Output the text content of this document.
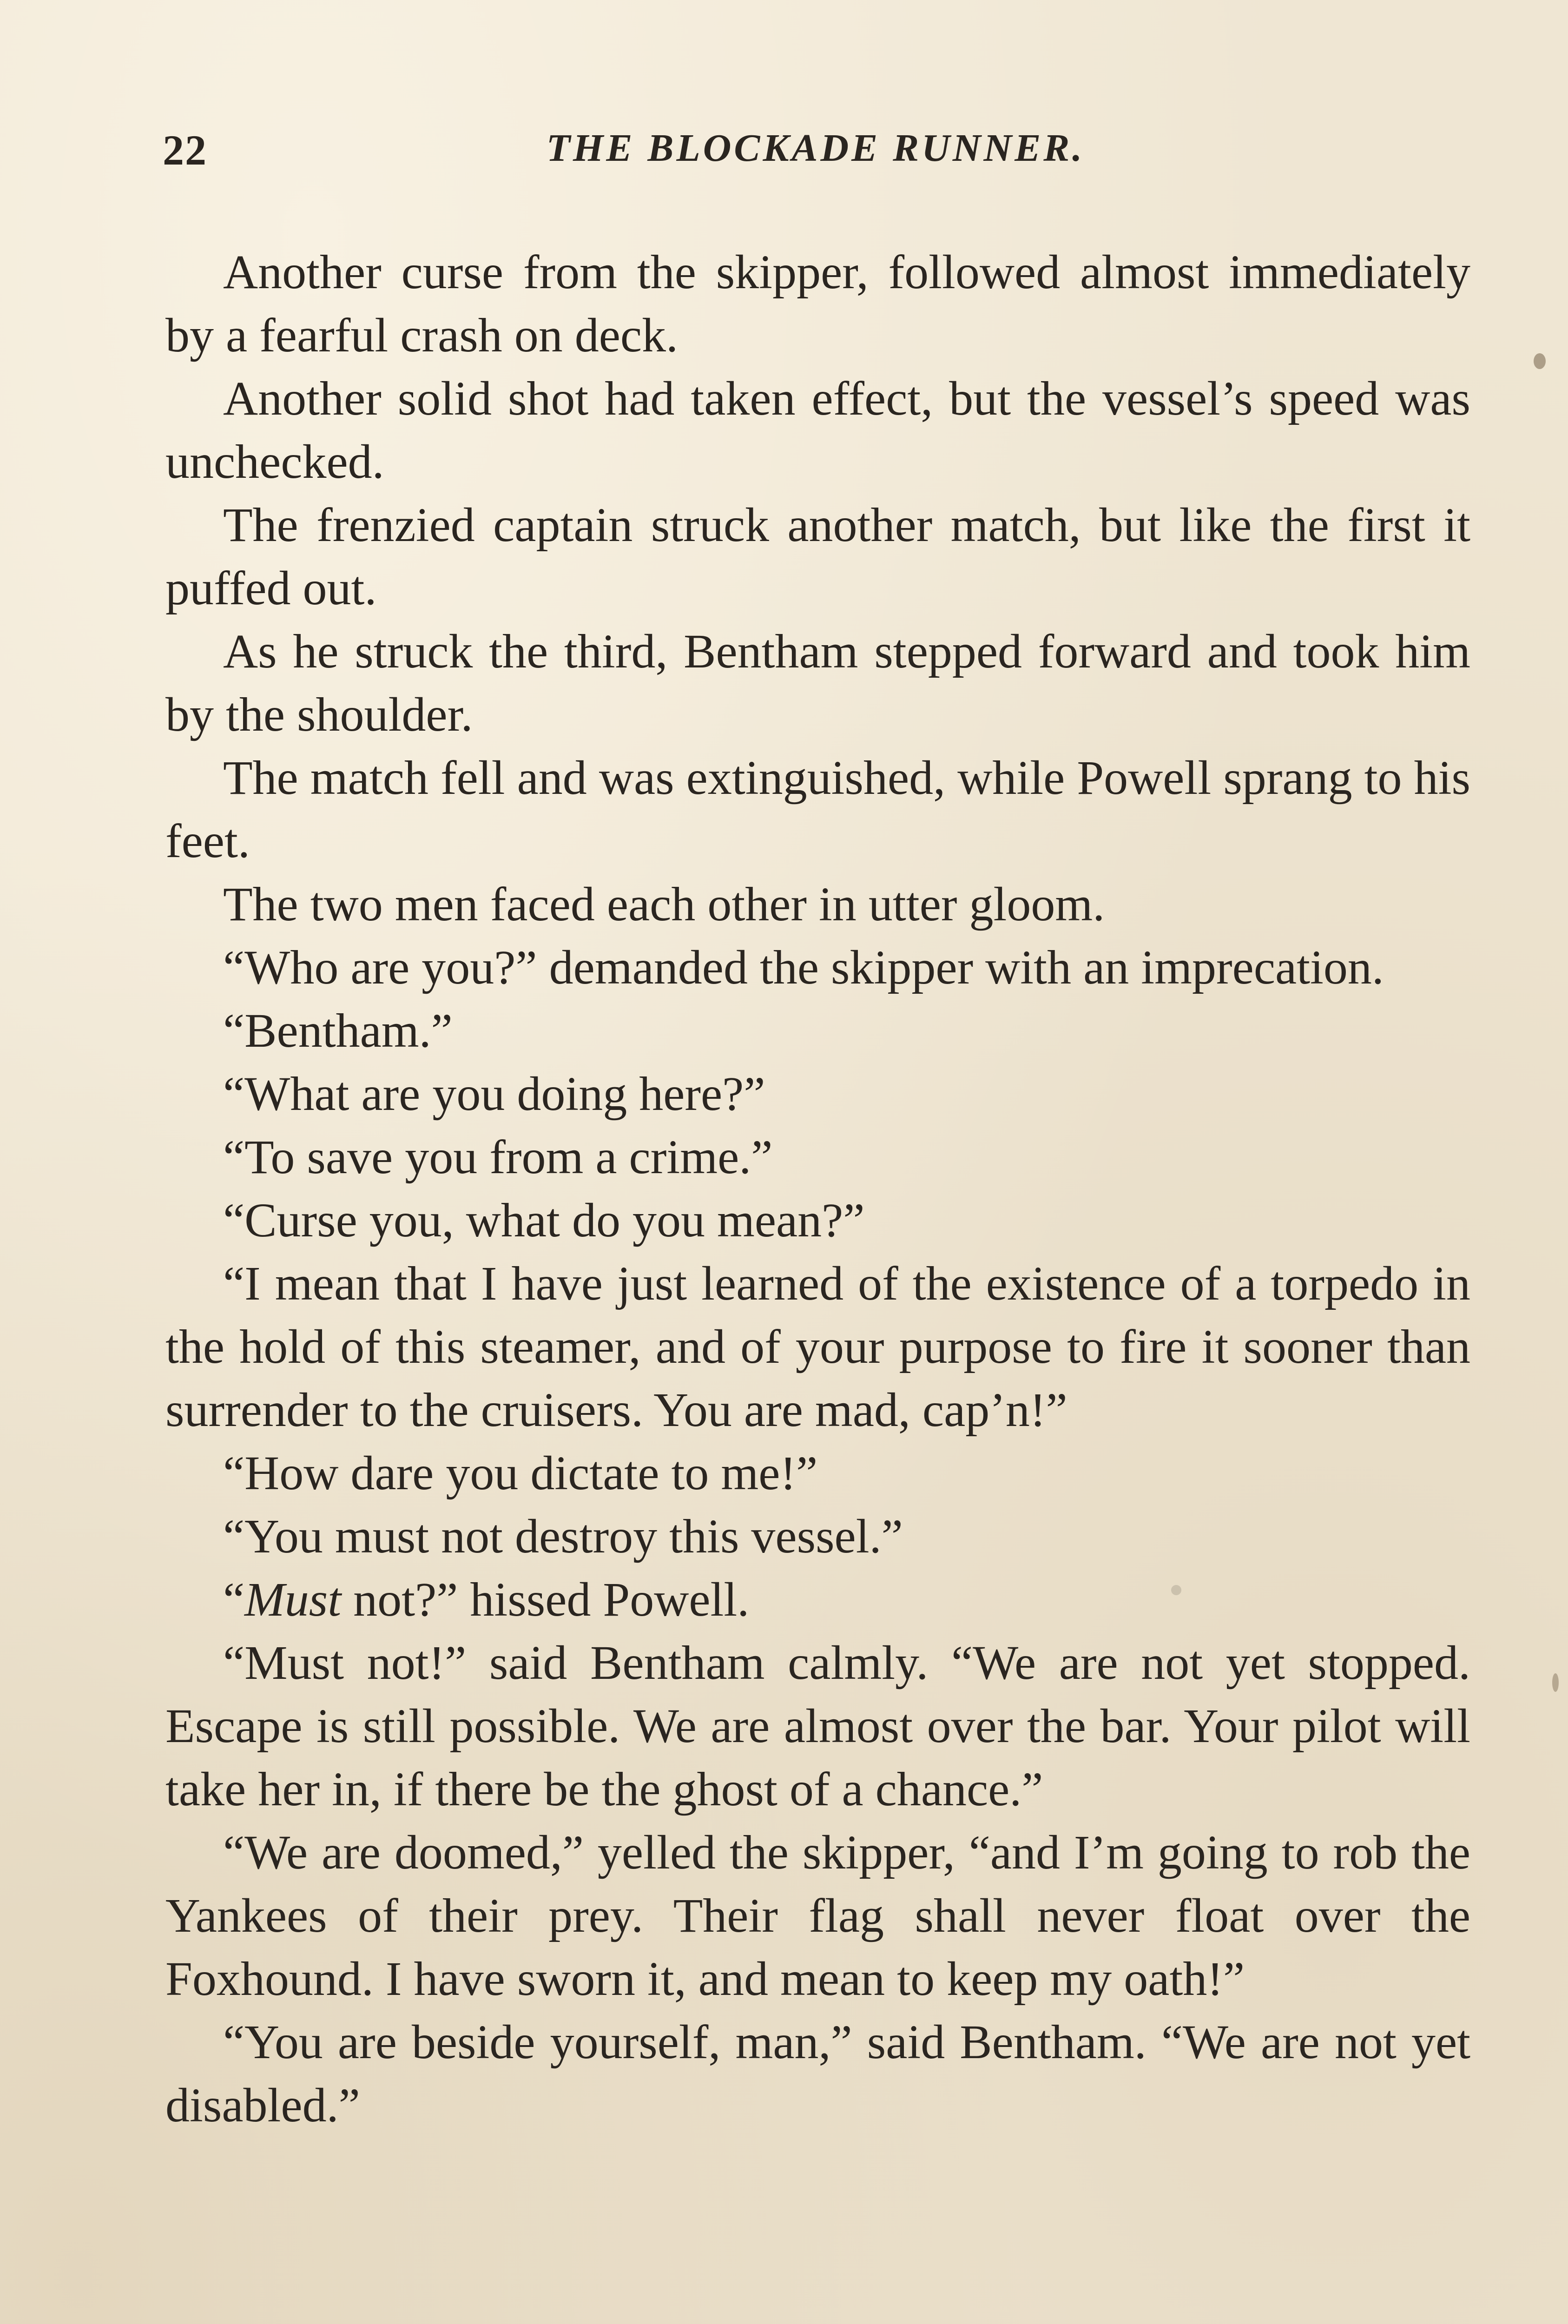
22	THE BLOCKADE RUNNER.

Another curse from the skipper, followed almost immediately by a fearful crash on deck.

Another solid shot had taken effect, but the vessel’s speed was unchecked.

The frenzied captain struck another match, but like the first it puffed out.

As he struck the third, Bentham stepped forward and took him by the shoulder.

The match fell and was extinguished, while Powell sprang to his feet.

The two men faced each other in utter gloom.

“Who are you?” demanded the skipper with an imprecation.

“Bentham.”

“What are you doing here?”

“To save you from a crime.”

“Curse you, what do you mean?”

“I mean that I have just learned of the existence of a torpedo in the hold of this steamer, and of your purpose to fire it sooner than surrender to the cruisers. You are mad, cap’n!”

“How dare you dictate to me!”

“You must not destroy this vessel.”

“Must not?” hissed Powell.

“Must not!” said Bentham calmly. “We are not yet stopped. Escape is still possible. We are almost over the bar. Your pilot will take her in, if there be the ghost of a chance.”

“We are doomed,” yelled the skipper, “and I’m going to rob the Yankees of their prey. Their flag shall never float over the Foxhound. I have sworn it, and mean to keep my oath!”

“You are beside yourself, man,” said Bentham. “We are not yet disabled.”
